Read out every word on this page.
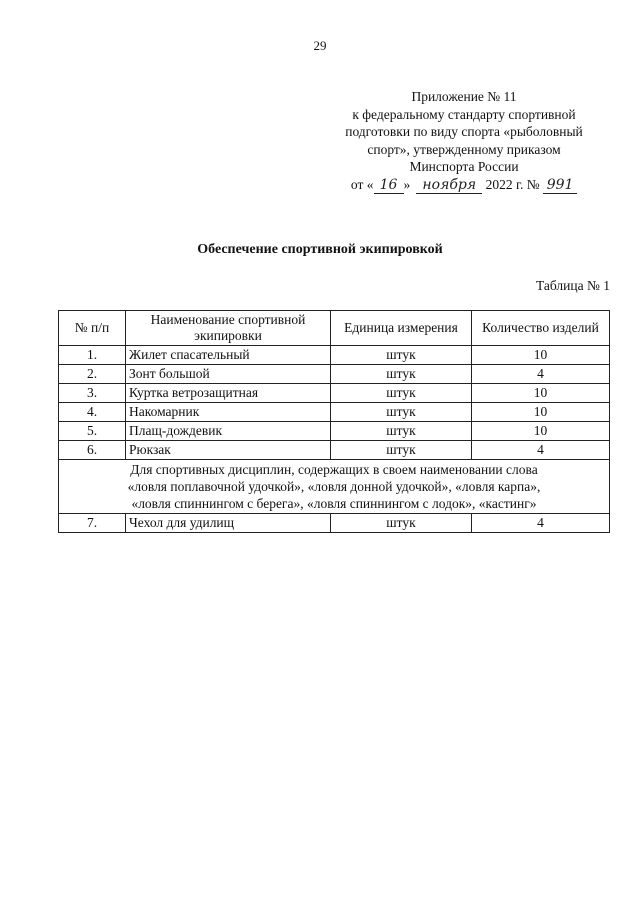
29
Приложение № 11
к федеральному стандарту спортивной
подготовки по виду спорта «рыболовный
спорт», утвержденному приказом
Минспорта России
от « 16 » ноября 2022 г. № 991
Обеспечение спортивной экипировкой
Таблица № 1
№ п/п	Наименование спортивной экипировки	Единица измерения	Количество изделий
1.	Жилет спасательный	штук	10
2.	Зонт большой	штук	4
3.	Куртка ветрозащитная	штук	10
4.	Накомарник	штук	10
5.	Плащ-дождевик	штук	10
6.	Рюкзак	штук	4

Для спортивных дисциплин, содержащих в своем наименовании слова
«ловля поплавочной удочкой», «ловля донной удочкой», «ловля карпа»,
«ловля спиннингом с берега», «ловля спиннингом с лодок», «кастинг»			

7.	Чехол для удилищ	штук	4
